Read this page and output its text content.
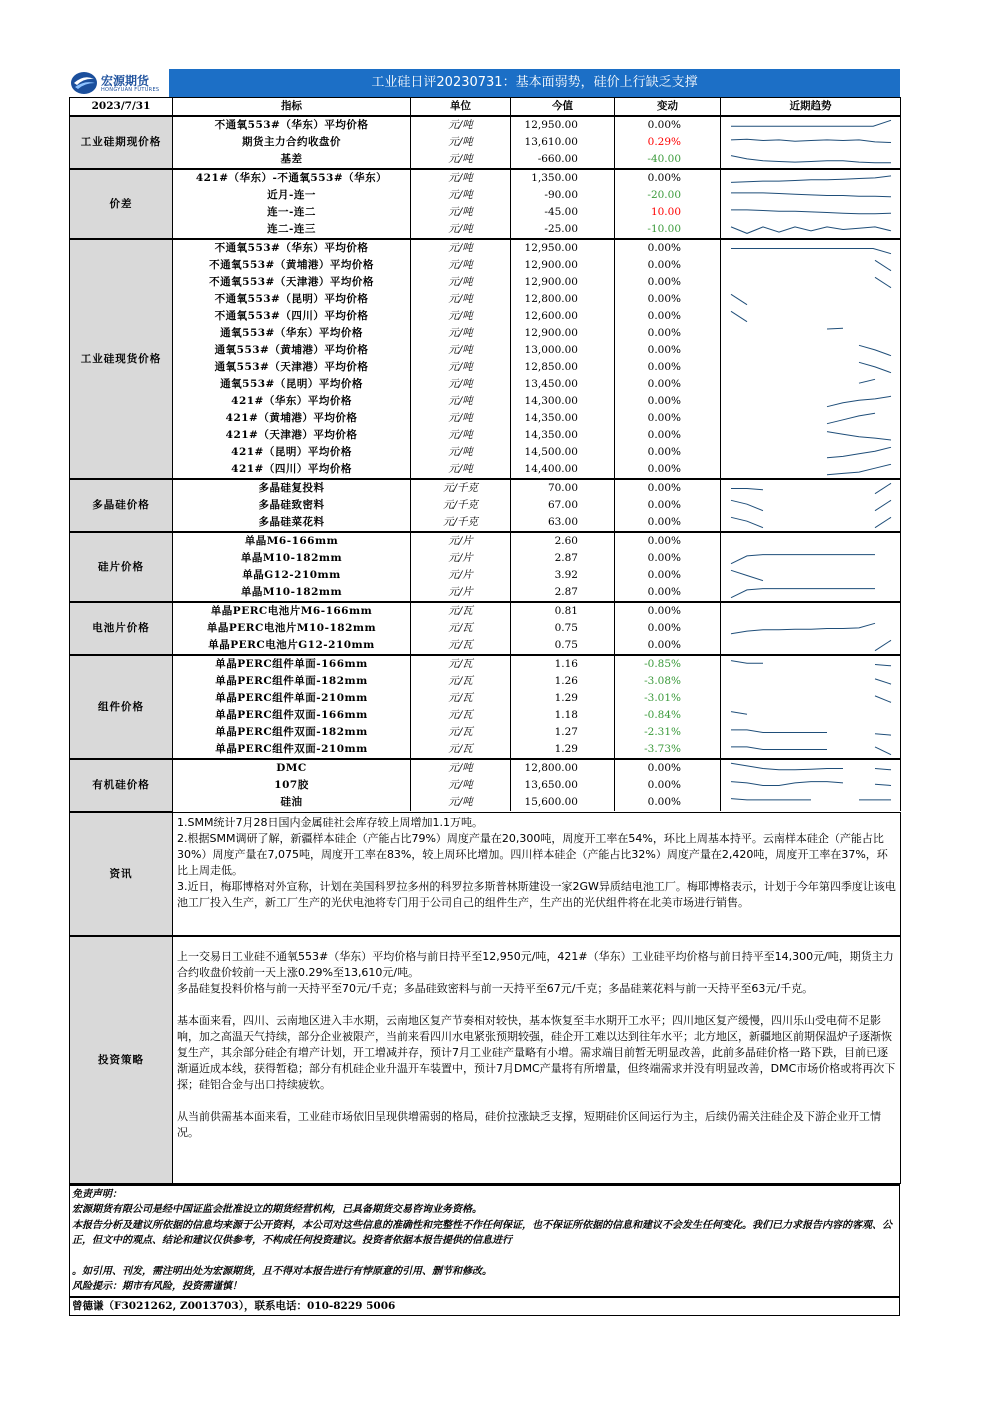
宏源期货
HONGYUAN FUTURES	工业硅日评20230731：基本面弱势，硅价上行缺乏支撑
2023/7/31	指标	单位	今值	变动	近期趋势
工业硅期现价格	不通氧553#（华东）平均价格	元/吨	12,950.00	0.00%	

	期货主力合约收盘价	元/吨	13,610.00	0.29%	

	基差	元/吨	-660.00	-40.00	

价差	421#（华东）-不通氧553#（华东）	元/吨	1,350.00	0.00%	

	近月-连一	元/吨	-90.00	-20.00	

	连一-连二	元/吨	-45.00	10.00	

	连二-连三	元/吨	-25.00	-10.00	

工业硅现货价格	不通氧553#（华东）平均价格	元/吨	12,950.00	0.00%	

	不通氧553#（黄埔港）平均价格	元/吨	12,900.00	0.00%	

	不通氧553#（天津港）平均价格	元/吨	12,900.00	0.00%	

	不通氧553#（昆明）平均价格	元/吨	12,800.00	0.00%	

	不通氧553#（四川）平均价格	元/吨	12,600.00	0.00%	

	通氧553#（华东）平均价格	元/吨	12,900.00	0.00%	

	通氧553#（黄埔港）平均价格	元/吨	13,000.00	0.00%	

	通氧553#（天津港）平均价格	元/吨	12,850.00	0.00%	

	通氧553#（昆明）平均价格	元/吨	13,450.00	0.00%	

	421#（华东）平均价格	元/吨	14,300.00	0.00%	

	421#（黄埔港）平均价格	元/吨	14,350.00	0.00%	

	421#（天津港）平均价格	元/吨	14,350.00	0.00%	

	421#（昆明）平均价格	元/吨	14,500.00	0.00%	

	421#（四川）平均价格	元/吨	14,400.00	0.00%	

多晶硅价格	多晶硅复投料	元/千克	70.00	0.00%	

	多晶硅致密料	元/千克	67.00	0.00%	

	多晶硅菜花料	元/千克	63.00	0.00%	

硅片价格	单晶M6-166mm	元/片	2.60	0.00%	

	单晶M10-182mm	元/片	2.87	0.00%	

	单晶G12-210mm	元/片	3.92	0.00%	

	单晶M10-182mm	元/片	2.87	0.00%	

电池片价格	单晶PERC电池片M6-166mm	元/瓦	0.81	0.00%	

	单晶PERC电池片M10-182mm	元/瓦	0.75	0.00%	

	单晶PERC电池片G12-210mm	元/瓦	0.75	0.00%	

组件价格	单晶PERC组件单面-166mm	元/瓦	1.16	-0.85%	

	单晶PERC组件单面-182mm	元/瓦	1.26	-3.08%	

	单晶PERC组件单面-210mm	元/瓦	1.29	-3.01%	

	单晶PERC组件双面-166mm	元/瓦	1.18	-0.84%	

	单晶PERC组件双面-182mm	元/瓦	1.27	-2.31%	

	单晶PERC组件双面-210mm	元/瓦	1.29	-3.73%	

有机硅价格	DMC	元/吨	12,800.00	0.00%	

	107胶	元/吨	13,650.00	0.00%	

	硅油	元/吨	15,600.00	0.00%	
资讯	

1.SMM统计7月28日国内金属硅社会库存较上周增加1.1万吨。

2.根据SMM调研了解，新疆样本硅企（产能占比79%）周度产量在20,300吨，周度开工率在54%，环比上周基本持平。云南样本硅企（产能占比30%）周度产量在7,075吨，周度开工率在83%，较上周环比增加。四川样本硅企（产能占比32%）周度产量在2,420吨，周度开工率在37%，环比上周走低。

3.近日，梅耶博格对外宣称，计划在美国科罗拉多州的科罗拉多斯普林斯建设一家2GW异质结电池工厂。梅耶博格表示，计划于今年第四季度让该电池工厂投入生产，新工厂生产的光伏电池将专门用于公司自己的组件生产，生产出的光伏组件将在北美市场进行销售。

投资策略	

上一交易日工业硅不通氧553#（华东）平均价格与前日持平至12,950元/吨，421#（华东）工业硅平均价格与前日持平至14,300元/吨，期货主力合约收盘价较前一天上涨0.29%至13,610元/吨。

多晶硅复投料价格与前一天持平至70元/千克；多晶硅致密料与前一天持平至67元/千克；多晶硅莱花料与前一天持平至63元/千克。

基本面来看，四川、云南地区进入丰水期，云南地区复产节奏相对较快，基本恢复至丰水期开工水平；四川地区复产缓慢，四川乐山受电荷不足影响，加之高温天气持续，部分企业被限产，当前来看四川水电紧张预期较强，硅企开工难以达到往年水平；北方地区，新疆地区前期保温炉子逐渐恢复生产，其余部分硅企有增产计划，开工增减并存，预计7月工业硅产量略有小增。需求端目前暂无明显改善，此前多晶硅价格一路下跌，目前已逐渐逼近成本线，获得暂稳；部分有机硅企业升温开车装置中，预计7月DMC产量将有所增量，但终端需求并没有明显改善，DMC市场价格或将再次下探；硅铝合金与出口持续疲软。

从当前供需基本面来看，工业硅市场依旧呈现供增需弱的格局，硅价拉涨缺乏支撑，短期硅价区间运行为主，后续仍需关注硅企及下游企业开工情况。

免责声明：

宏源期货有限公司是经中国证监会批准设立的期货经营机构，已具备期货交易咨询业务资格。

本报告分析及建议所依据的信息均来源于公开资料，本公司对这些信息的准确性和完整性不作任何保证，也不保证所依据的信息和建议不会发生任何变化。我们已力求报告内容的客观、公正，但文中的观点、结论和建议仅供参考，不构成任何投资建议。投资者依据本报告提供的信息进行

。如引用、刊发，需注明出处为宏源期货，且不得对本报告进行有悖原意的引用、删节和修改。

风险提示：期市有风险，投资需谨慎！

曾德谦（F3021262, Z0013703），联系电话：010-8229 5006
